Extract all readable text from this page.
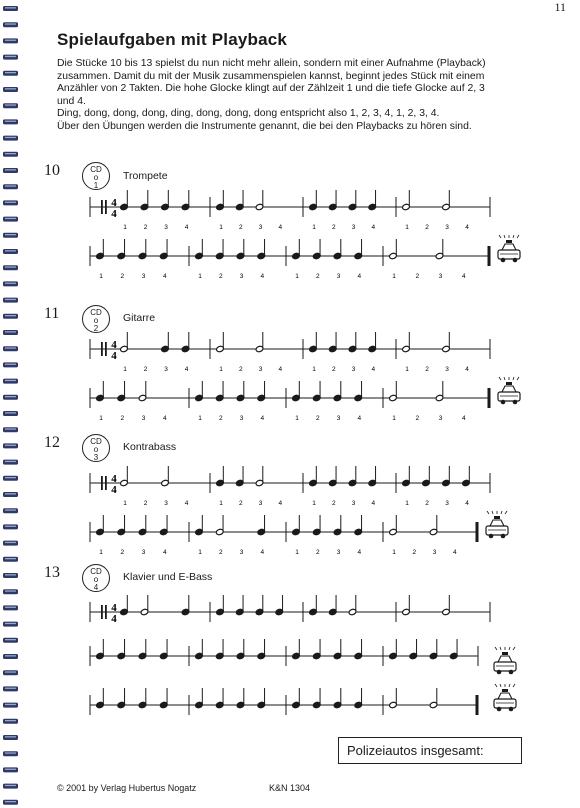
11
Spielaufgaben mit Playback

Die Stücke 10 bis 13 spielst du nun nicht mehr allein, sondern mit einer Aufnahme (Playback) zusammen. Damit du mit der Musik zusammenspielen kannst, beginnt jedes Stück mit einem Anzähler von 2 Takten. Die hohe Glocke klingt auf der Zählzeit 1 und die tiefe Glocke auf 2, 3 und 4.

Ding, dong, dong, dong, ding, dong, dong, dong entspricht also 1, 2, 3, 4, 1, 2, 3, 4.

Über den Übungen werden die Instrumente genannt, die bei den Playbacks zu hören sind.

10	CD
o
1
Trompete
11	CD
o
2
Gitarre
12	CD
o
3
Kontrabass
13	CD
o
4
Klavier und E-Bass
4
4
1	2	3	4	1 2 3 4	1 2 3 4	1	2	3	4
1	2	3	4	1	2	3	4	1	2	3	4	1	2	3	4
4
4
1	2	3	4	1 2 3 4	1 2 3 4	1	2	3	4
1	2	3	4	1	2	3	4	1	2	3	4	1	2	3	4
4
4
1	2	3	4	1 2 3 4	1 2 3 4	1	2	3	4
1	2	3	4	1	2	3	4	1	2	3	4	1	2	3	4
4
4
Polizeiautos insgesamt:
© 2001 by Verlag Hubertus Nogatz	K&N 1304
